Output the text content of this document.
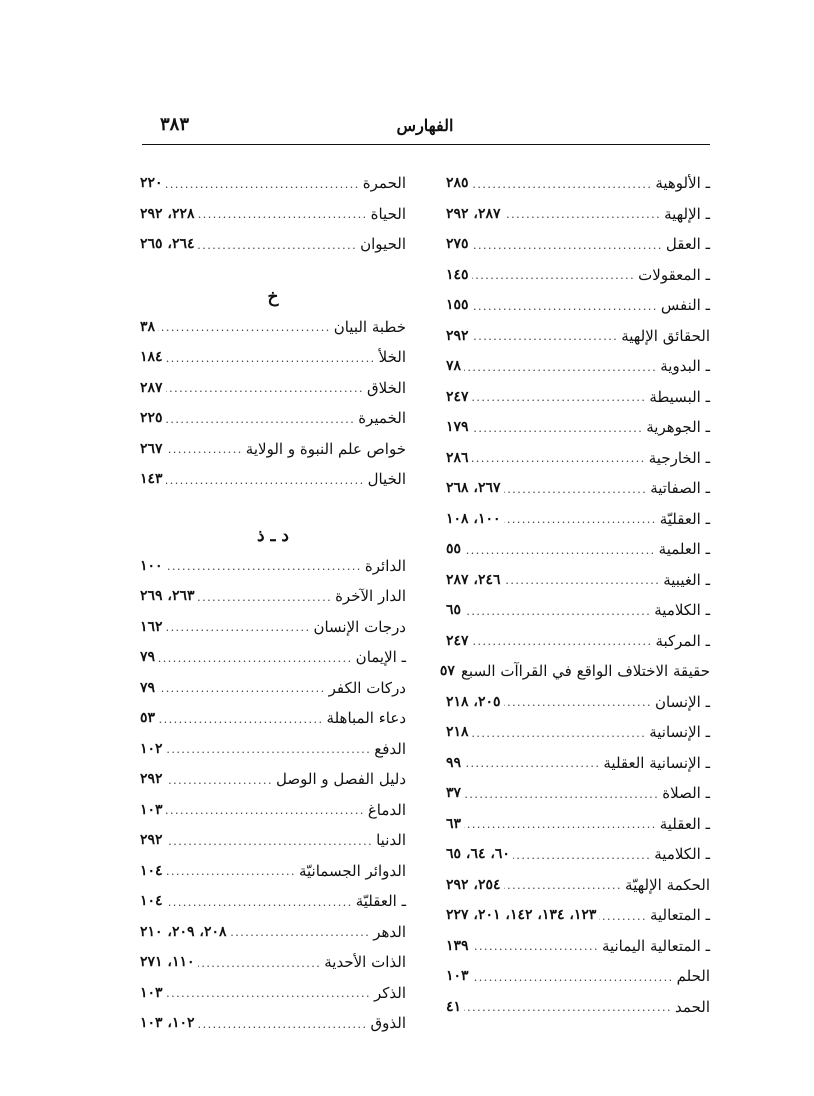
٣٨٣	الفهارس
ـ الألوهية
.....
٢٨٥
ـ الإلهية
.....
٢٨٧، ٢٩٢
ـ العقل
.....
٢٧٥
ـ المعقولات
.....
١٤٥
ـ النفس
.....
١٥٥
الحقائق الإلهية
.....
٢٩٢
ـ البدوية
.....
٧٨
ـ البسيطة
.....
٢٤٧
ـ الجوهرية
.....
١٧٩
ـ الخارجية
.....
٢٨٦
ـ الصفاتية
.....
٢٦٧، ٢٦٨
ـ العقليّة
.....
١٠٠، ١٠٨
ـ العلمية
.....
٥٥
ـ الغيبية
.....
٢٤٦، ٢٨٧
ـ الكلامية
.....
٦٥
ـ المركبة
.....
٢٤٧
حقيقة الاختلاف الواقع في القراآت السبع
٥٧
ـ الإنسان
.....
٢٠٥، ٢١٨
ـ الإنسانية
.....
٢١٨
ـ الإنسانية العقلية
.....
٩٩
ـ الصلاة
.....
٣٧
ـ العقلية
.....
٦٣
ـ الكلامية
.....
٦٠، ٦٤، ٦٥
الحكمة الإلهيّة
.....
٢٥٤، ٢٩٢
ـ المتعالية
.....
١٢٣، ١٣٤، ١٤٢، ٢٠١، ٢٢٧
ـ المتعالية اليمانية
.....
١٣٩
الحلم
.....
١٠٣
الحمد
.....
٤١
الحمرة
.....
٢٢٠
الحياة
.....
٢٢٨، ٢٩٢
الحيوان
.....
٢٦٤، ٢٦٥
خ
خطبة البيان
.....
٣٨
الخلأ
.....
١٨٤
الخلاق
.....
٢٨٧
الخميرة
.....
٢٢٥
خواص علم النبوة و الولاية
.....
٢٦٧
الخيال
.....
١٤٣
د ـ ذ
الدائرة
.....
١٠٠
الدار الآخرة
.....
٢٦٣، ٢٦٩
درجات الإنسان
.....
١٦٢
ـ الإيمان
.....
٧٩
دركات الكفر
.....
٧٩
دعاء المباهلة
.....
٥٣
الدفع
.....
١٠٢
دليل الفصل و الوصل
.....
٢٩٢
الدماغ
.....
١٠٣
الدنيا
.....
٢٩٢
الدوائر الجسمانيّة
.....
١٠٤
ـ العقليّة
.....
١٠٤
الدهر
.....
٢٠٨، ٢٠٩، ٢١٠
الذات الأحدية
.....
١١٠، ٢٧١
الذكر
.....
١٠٣
الذوق
.....
١٠٢، ١٠٣
